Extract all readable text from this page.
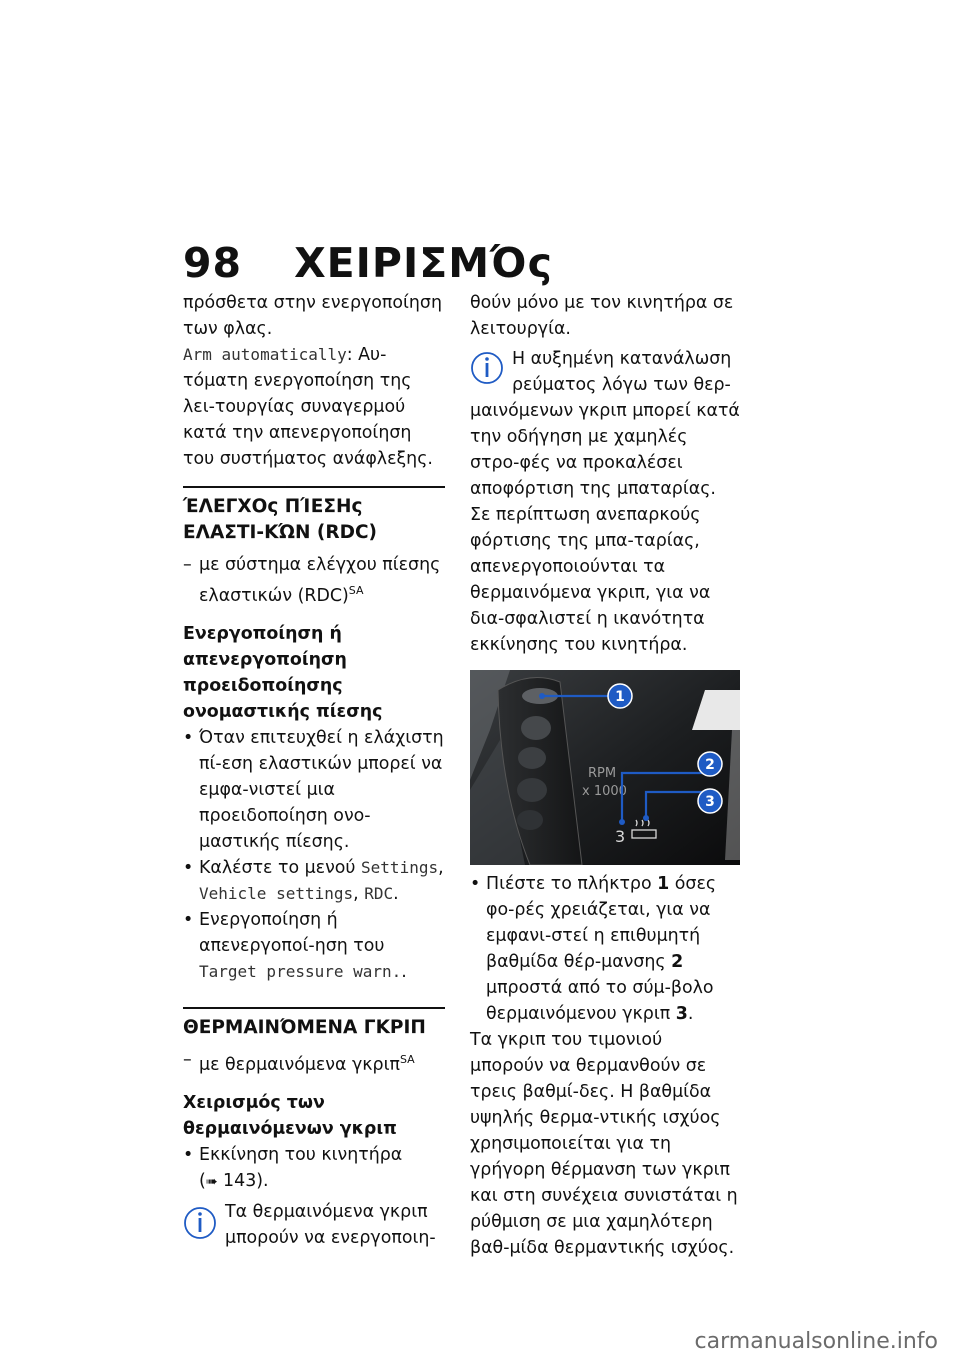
98 ΧΕΙΡΙΣΜΌς

πρόσθετα στην ενεργοποίηση των φλας.

Arm automatically: Αυ-τόματη ενεργοποίηση της λει-τουργίας συναγερμού κατά την απενεργοποίηση του συστήματος ανάφλεξης.

ΈΛΕΓΧΟς ΠΊΕΣΗς ΕΛΑΣΤΙ-ΚΏΝ (RDC)

– με σύστημα ελέγχου πίεσης ελαστικών (RDC)$^{SA}$

Ενεργοποίηση ή απενεργοποίηση προειδοποίησης ονομαστικής πίεσης

• Όταν επιτευχθεί η ελάχιστη πί-εση ελαστικών μπορεί να εμφα-νιστεί μια προειδοποίηση ονο-μαστικής πίεσης.

• Καλέστε το μενού Settings, Vehicle settings, RDC.

• Ενεργοποίηση ή απενεργοποί-ηση του Target pressure warn..

ΘΕΡΜΑΙΝΌΜΕΝΑ ΓΚΡΙΠ

– με θερμαινόμενα γκριπ$^{SA}$

Χειρισμός των θερμαινόμενων γκριπ

• Εκκίνηση του κινητήρα
(➠ 143).

Τα θερμαινόμενα γκριπ μπορούν να ενεργοποιη-

θούν μόνο με τον κινητήρα σε λειτουργία.

Η αυξημένη κατανάλωση ρεύματος λόγω των θερ-μαινόμενων γκριπ μπορεί κατά την οδήγηση με χαμηλές στρο-φές να προκαλέσει αποφόρτιση της μπαταρίας. Σε περίπτωση ανεπαρκούς φόρτισης της μπα-ταρίας, απενεργοποιούνται τα θερμαινόμενα γκριπ, για να δια-σφαλιστεί η ικανότητα εκκίνησης του κινητήρα.

RPM
x 1000
3
1
2
3

• Πιέστε το πλήκτρο 1 όσες φο-ρές χρειάζεται, για να εμφανι-στεί η επιθυμητή βαθμίδα θέρ-μανσης 2 μπροστά από το σύμ-βολο θερμαινόμενου γκριπ 3.

Τα γκριπ του τιμονιού μπορούν να θερμανθούν σε τρεις βαθμί-δες. Η βαθμίδα υψηλής θερμα-ντικής ισχύος χρησιμοποιείται για τη γρήγορη θέρμανση των γκριπ και στη συνέχεια συνιστάται η ρύθμιση σε μια χαμηλότερη βαθ-μίδα θερμαντικής ισχύος.

carmanualsonline.info
